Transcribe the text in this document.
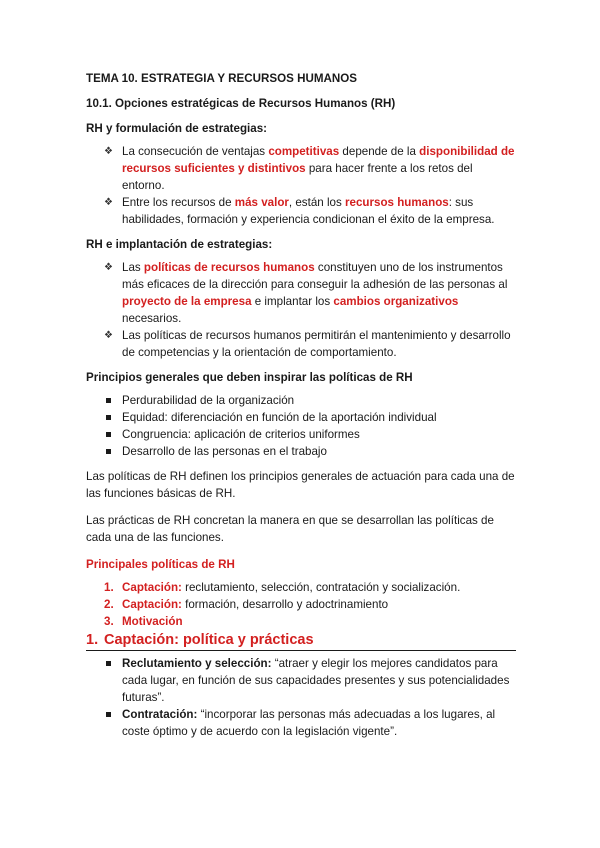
TEMA 10. ESTRATEGIA Y RECURSOS HUMANOS
10.1. Opciones estratégicas de Recursos Humanos (RH)
RH y formulación de estrategias:
❖ La consecución de ventajas competitivas depende de la disponibilidad de recursos suficientes y distintivos para hacer frente a los retos del entorno.
❖ Entre los recursos de más valor, están los recursos humanos: sus habilidades, formación y experiencia condicionan el éxito de la empresa.
RH e implantación de estrategias:
❖ Las políticas de recursos humanos constituyen uno de los instrumentos más eficaces de la dirección para conseguir la adhesión de las personas al proyecto de la empresa e implantar los cambios organizativos necesarios.
❖ Las políticas de recursos humanos permitirán el mantenimiento y desarrollo de competencias y la orientación de comportamiento.
Principios generales que deben inspirar las políticas de RH
Perdurabilidad de la organización
Equidad: diferenciación en función de la aportación individual
Congruencia: aplicación de criterios uniformes
Desarrollo de las personas en el trabajo

Las políticas de RH definen los principios generales de actuación para cada una de las funciones básicas de RH.

Las prácticas de RH concretan la manera en que se desarrollan las políticas de cada una de las funciones.

Principales políticas de RH
1. Captación: reclutamiento, selección, contratación y socialización.
2. Captación: formación, desarrollo y adoctrinamiento
3. Motivación
1. Captación: política y prácticas
Reclutamiento y selección: “atraer y elegir los mejores candidatos para cada lugar, en función de sus capacidades presentes y sus potencialidades futuras”.
Contratación: “incorporar las personas más adecuadas a los lugares, al coste óptimo y de acuerdo con la legislación vigente”.
